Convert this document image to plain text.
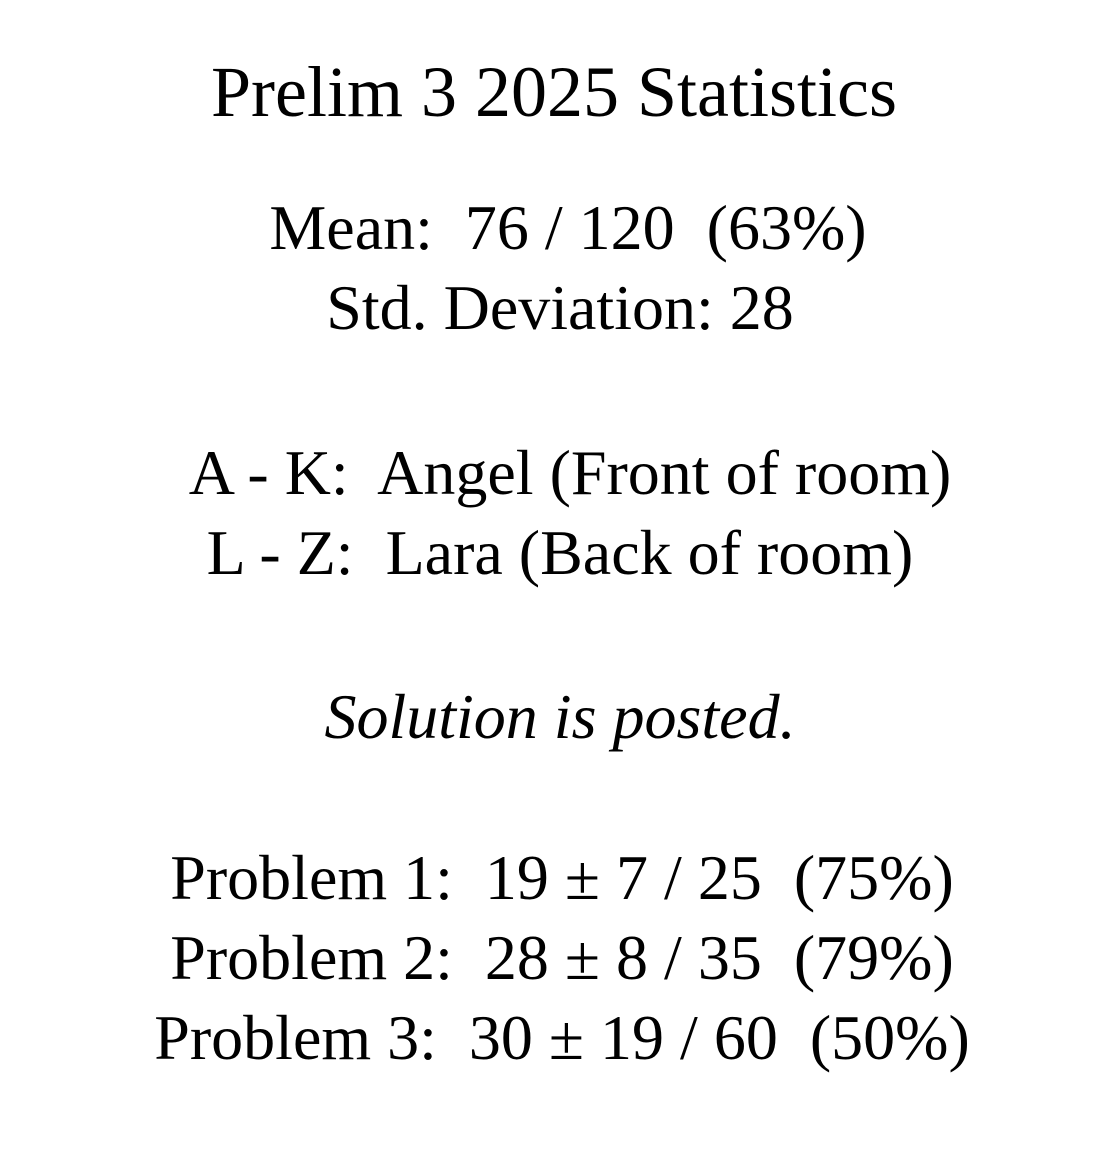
Prelim 3 2025 Statistics
Mean:  76 / 120  (63%)
Std. Deviation: 28
A - K:  Angel (Front of room)
L - Z:  Lara (Back of room)
Solution is posted.
Problem 1:  19 ± 7 / 25  (75%)
Problem 2:  28 ± 8 / 35  (79%)
Problem 3:  30 ± 19 / 60  (50%)
